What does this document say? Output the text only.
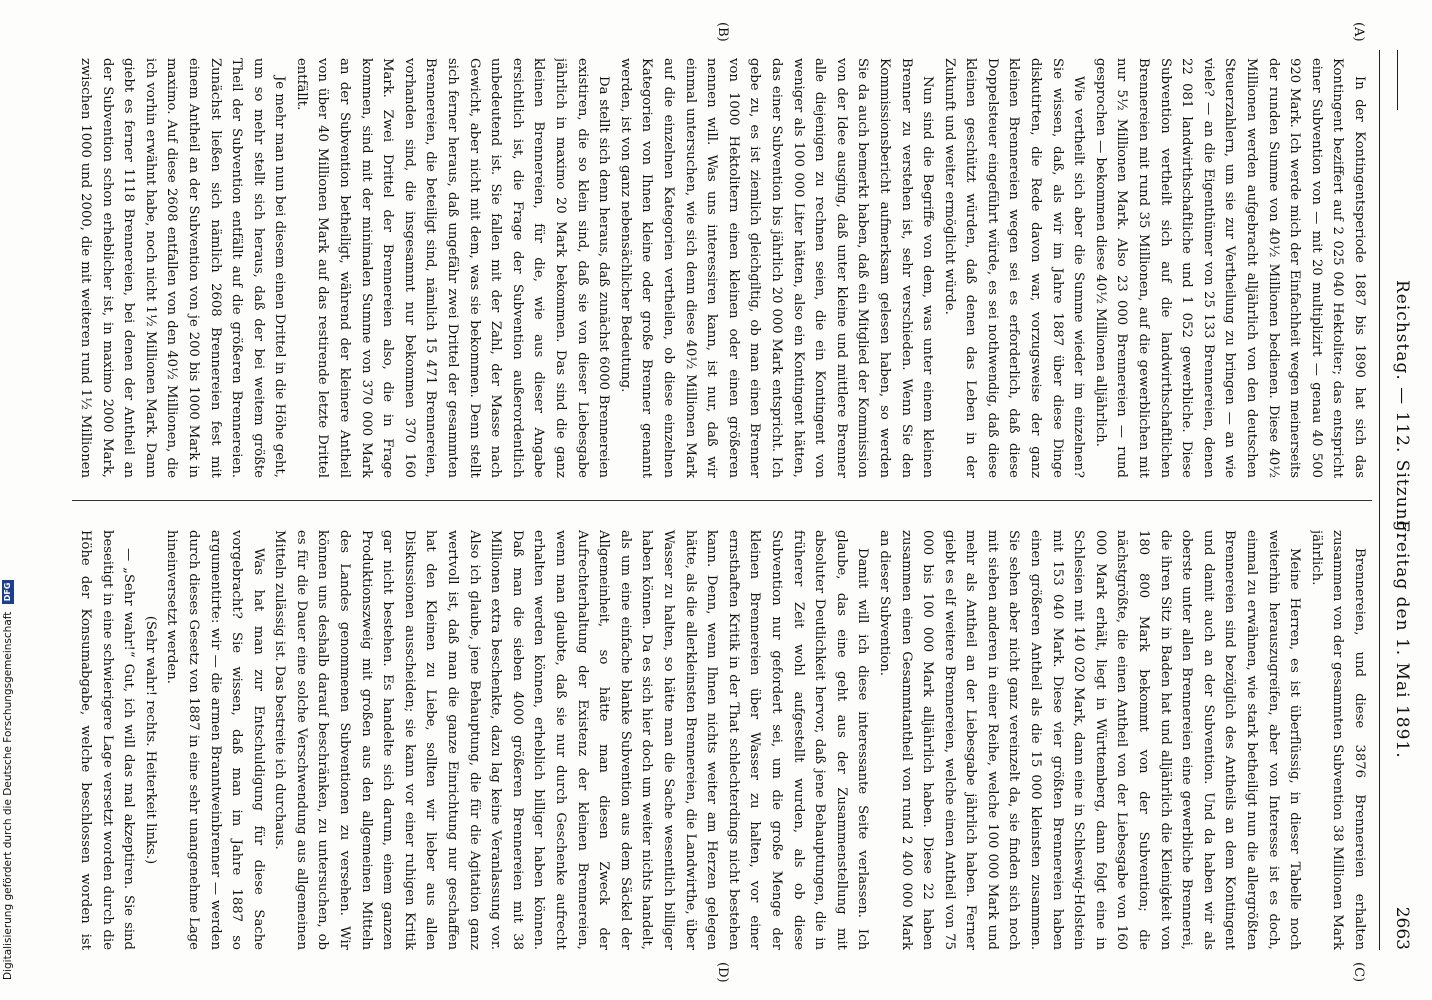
Reichstag. — 112. Sitzung.
Freitag den 1. Mai 1891.
2663
(A)
(B)
(C)
(D)

In der Kontingentsperiode 1887 bis 1890 hat sich das Kontingent beziffert auf 2 025 040 Hektoliter; das entspricht einer Subvention von — mit 20 multiplizirt — genau 40 500 920 Mark. Ich werde mich der Einfachheit wegen meinerseits der runden Summe von 40½ Millionen bedienen. Diese 40½ Millionen werden aufgebracht alljährlich von den deutschen Steuerzahlern, um sie zur Vertheilung zu bringen — an wie viele? — an die Eigenthümer von 25 133 Brennereien, denen 22 081 landwirthschaftliche und 1 052 gewerbliche. Diese Subvention vertheilt sich auf die landwirthschaftlichen Brennereien mit rund 35 Millionen, auf die gewerblichen mit nur 5½ Millionen Mark. Also 23 000 Brennereien — rund gesprochen — bekommen diese 40½ Millionen alljährlich.

Wie vertheilt sich aber die Summe wieder im einzelnen? Sie wissen, daß, als wir im Jahre 1887 über diese Dinge diskutirten, die Rede davon war, vorzugsweise der ganz kleinen Brennereien wegen sei es erforderlich, daß diese Doppelsteuer eingeführt würde, es sei nothwendig, daß diese kleinen geschützt würden, daß denen das Leben in der Zukunft und weiter ermöglicht würde.

Nun sind die Begriffe von dem, was unter einem kleinen Brenner zu verstehen ist, sehr verschieden. Wenn Sie den Kommissionsbericht aufmerksam gelesen haben, so werden Sie da auch bemerkt haben, daß ein Mitglied der Kommission von der Idee ausging, daß unter kleine und mittlere Brenner alle diejenigen zu rechnen seien, die ein Kontingent von weniger als 100 000 Liter hätten, also ein Kontingent hätten, das einer Subvention bis jährlich 20 000 Mark entspricht. Ich gebe zu, es ist ziemlich gleichgiltig, ob man einen Brenner von 1000 Hektolitern einen kleinen oder einen größeren nennen will. Was uns interessiren kann, ist nur, daß wir einmal untersuchen, wie sich denn diese 40½ Millionen Mark auf die einzelnen Kategorien vertheilen, ob diese einzelnen Kategorien von Ihnen kleine oder große Brenner genannt werden, ist von ganz nebensächlicher Bedeutung.

Da stellt sich denn heraus, daß zunächst 6000 Brennereien existiren, die so klein sind, daß sie von dieser Liebesgabe jährlich in maximo 20 Mark bekommen. Das sind die ganz kleinen Brennereien, für die, wie aus dieser Angabe ersichtlich ist, die Frage der Subvention außerordentlich unbedeutend ist. Sie fallen mit der Zahl, der Masse nach Gewicht, aber nicht mit dem, was sie bekommen. Denn stellt sich ferner heraus, daß ungefähr zwei Drittel der gesammten Brennereien, die beteiligt sind, nämlich 15 471 Brennereien, vorhanden sind, die insgesammt nur bekommen 370 160 Mark. Zwei Drittel der Brennereien also, die in Frage kommen, sind mit der minimalen Summe von 370 000 Mark an der Subvention betheiligt, während der kleinere Antheil von über 40 Millionen Mark auf das restirende letzte Drittel entfällt.

Je mehr man nun bei diesem einen Drittel in die Höhe geht, um so mehr stellt sich heraus, daß der bei weitem größte Theil der Subvention entfällt auf die größeren Brennereien. Zunächst ließen sich nämlich 2608 Brennereien fest mit einem Antheil an der Subvention von je 200 bis 1000 Mark in maximo. Auf diese 2608 entfallen von den 40½ Millionen, die ich vorhin erwähnt habe, noch nicht 1½ Millionen Mark. Dann giebt es ferner 1118 Brennereien, bei denen der Antheil an der Subvention schon erheblicher ist, in maximo 2000 Mark, zwischen 1000 und 2000, die mit weiteren rund 1½ Millionen

Brennereien, und diese 3876 Brennereien erhalten zusammen von der gesammten Subvention 38 Millionen Mark jährlich.

Meine Herren, es ist überflüssig, in dieser Tabelle noch weiterhin herauszugreifen, aber von Interesse ist es doch, einmal zu erwähnen, wie stark betheiligt nun die allergrößten Brennereien sind bezüglich des Antheils an dem Kontingent und damit auch an der Subvention. Und da haben wir als oberste unter allen Brennereien eine gewerbliche Brennerei, die ihren Sitz in Baden hat und alljährlich die Kleinigkeit von 180 800 Mark bekommt von der Subvention; die nächstgrößte, die einen Antheil von der Liebesgabe von 160 000 Mark erhält, liegt in Württemberg, dann folgt eine in Schlesien mit 140 020 Mark, dann eine in Schleswig-Holstein mit 153 040 Mark. Diese vier größten Brennereien haben einen größeren Antheil als die 15 000 kleinsten zusammen. Sie sehen aber nicht ganz vereinzelt da, sie finden sich noch mit sieben anderen in einer Reihe, welche 100 000 Mark und mehr als Antheil an der Liebesgabe jährlich haben. Ferner giebt es elf weitere Brennereien, welche einen Antheil von 75 000 bis 100 000 Mark alljährlich haben. Diese 22 haben zusammen einen Gesammtantheil von rund 2 400 000 Mark an dieser Subvention.

Damit will ich diese interessante Seite verlassen. Ich glaube, das eine geht aus der Zusammenstellung mit absoluter Deutlichkeit hervor, daß jene Behauptungen, die in früherer Zeit wohl aufgestellt wurden, als ob diese Subvention nur gefordert sei, um die große Menge der kleinen Brennereien über Wasser zu halten, vor einer ernsthaften Kritik in der That schlechterdings nicht bestehen kann. Denn, wenn Ihnen nichts weiter am Herzen gelegen hätte, als die allerkleinsten Brennereien, die Landwirthe, über Wasser zu halten, so hätte man die Sache wesentlich billiger haben können. Da es sich hier doch um weiter nichts handelt, als um eine einfache blanke Subvention aus dem Säckel der Allgemeinheit, so hätte man diesen Zweck der Aufrechterhaltung der Existenz der kleinen Brennereien, wenn man glaubte, daß sie nur durch Geschenke aufrecht erhalten werden können, erheblich billiger haben können. Daß man die sieben 4000 größeren Brennereien mit 38 Millionen extra beschenkte, dazu lag keine Veranlassung vor. Also ich glaube, jene Behauptung, die für die Agitation ganz wertvoll ist, daß man die ganze Einrichtung nur geschaffen hat den Kleinen zu Liebe, sollten wir lieber aus allen Diskussionen ausscheiden; sie kann vor einer ruhigen Kritik gar nicht bestehen. Es handelte sich darum, einem ganzen Produktionszweig mit großen aus den allgemeinen Mitteln des Landes genommenen Subventionen zu versehen. Wir können uns deshalb darauf beschränken, zu untersuchen, ob es für die Dauer eine solche Verschwendung aus allgemeinen Mitteln zulässig ist. Das bestreite ich durchaus.

Was hat man zur Entschuldigung für diese Sache vorgebracht? Sie wissen, daß man im Jahre 1887 so argumentirte: wir — die armen Branntweinbrenner — werden durch dieses Gesetz von 1887 in eine sehr unangenehme Lage hineinversetzt werden.

(Sehr wahr! rechts. Heiterkeit links.)

— „Sehr wahr!“ Gut, ich will das mal akzeptiren. Sie sind beseitigt in eine schwierigere Lage versetzt worden durch die Höhe der Konsumabgabe, welche beschlossen worden ist

Digitalisierung gefördert durch die Deutsche Forschungsgemeinschaft DFG
